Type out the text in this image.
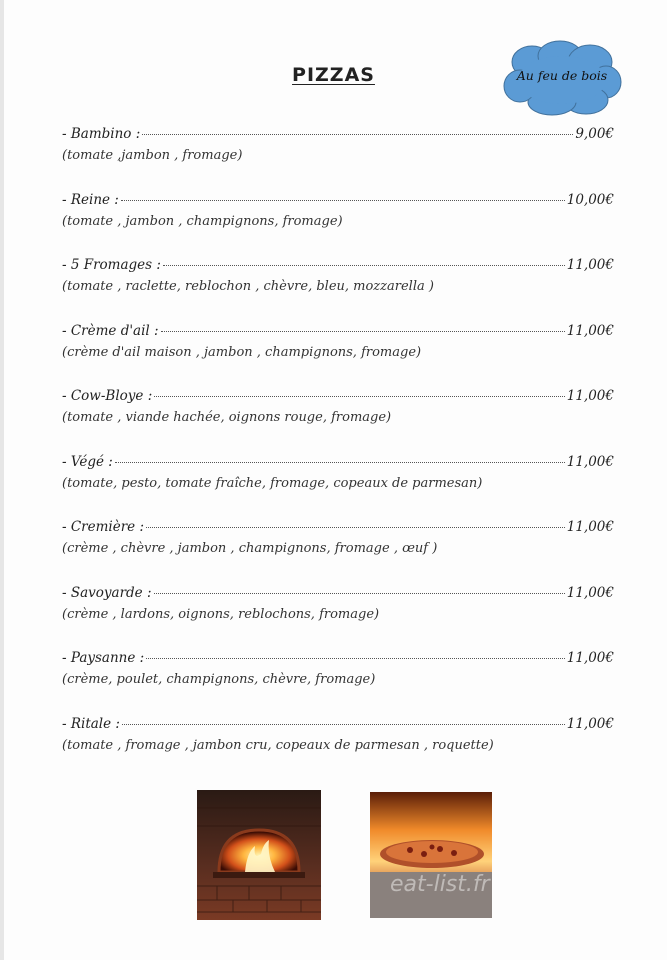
PIZZAS	Au feu de bois
- Bambino :	9,00€
(tomate ,jambon , fromage)
- Reine :	10,00€
(tomate , jambon , champignons, fromage)
- 5 Fromages :	11,00€
(tomate , raclette, reblochon , chèvre, bleu, mozzarella )
- Crème d'ail :	11,00€
(crème d'ail maison , jambon , champignons, fromage)
- Cow-Bloye :	11,00€
(tomate , viande hachée, oignons rouge, fromage)
- Végé :	11,00€
(tomate, pesto, tomate fraîche, fromage, copeaux de parmesan)
- Cremière :	11,00€
(crème , chèvre , jambon , champignons, fromage , œuf )
- Savoyarde :	11,00€
(crème , lardons, oignons, reblochons, fromage)
- Paysanne :	11,00€
(crème, poulet, champignons, chèvre, fromage)
- Ritale :	11,00€
(tomate , fromage , jambon cru, copeaux de parmesan , roquette)
eat-list.fr
